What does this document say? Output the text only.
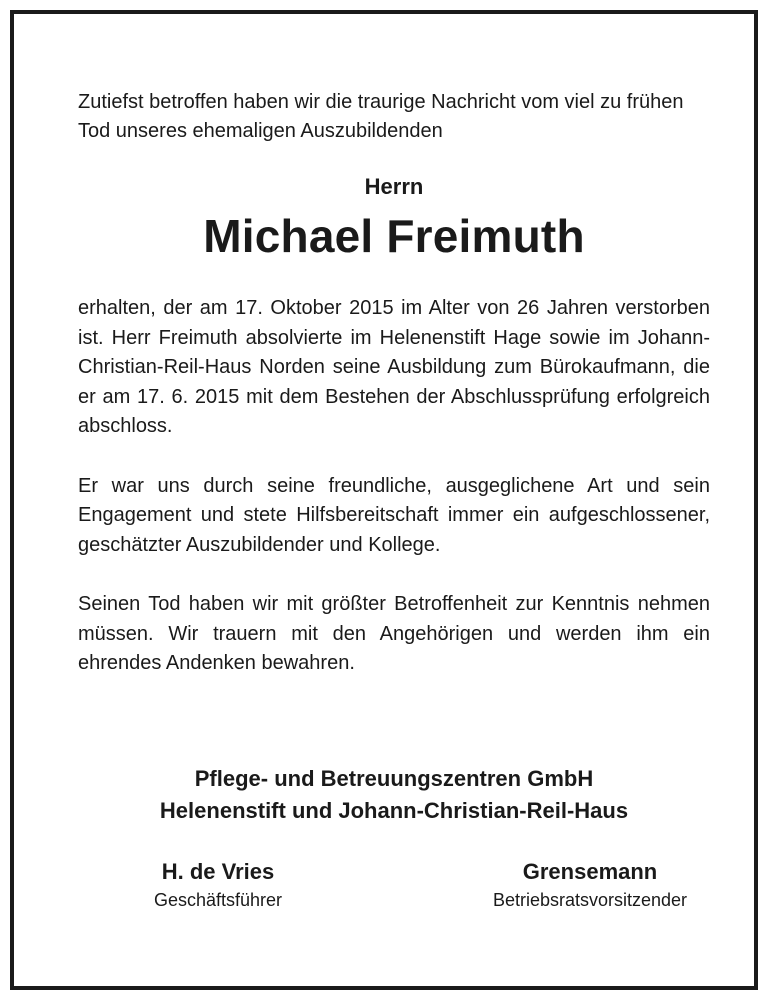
Zutiefst betroffen haben wir die traurige Nachricht vom viel zu frühen Tod unseres ehemaligen Auszubildenden

Herrn
Michael Freimuth

erhalten, der am 17. Oktober 2015 im Alter von 26 Jahren verstorben ist. Herr Freimuth absolvierte im Helenenstift Hage sowie im Johann-Christian-Reil-Haus Norden seine Ausbildung zum Bürokaufmann, die er am 17. 6. 2015 mit dem Bestehen der Abschlussprüfung erfolgreich abschloss.

Er war uns durch seine freundliche, ausgeglichene Art und sein Engagement und stete Hilfsbereitschaft immer ein aufgeschlossener, geschätzter Auszubildender und Kollege.

Seinen Tod haben wir mit größter Betroffenheit zur Kenntnis nehmen müssen. Wir trauern mit den Angehörigen und werden ihm ein ehrendes Andenken bewahren.

Pflege- und Betreuungszentren GmbH
Helenenstift und Johann-Christian-Reil-Haus
H. de Vries
Geschäftsführer
Grensemann
Betriebsratsvorsitzender
